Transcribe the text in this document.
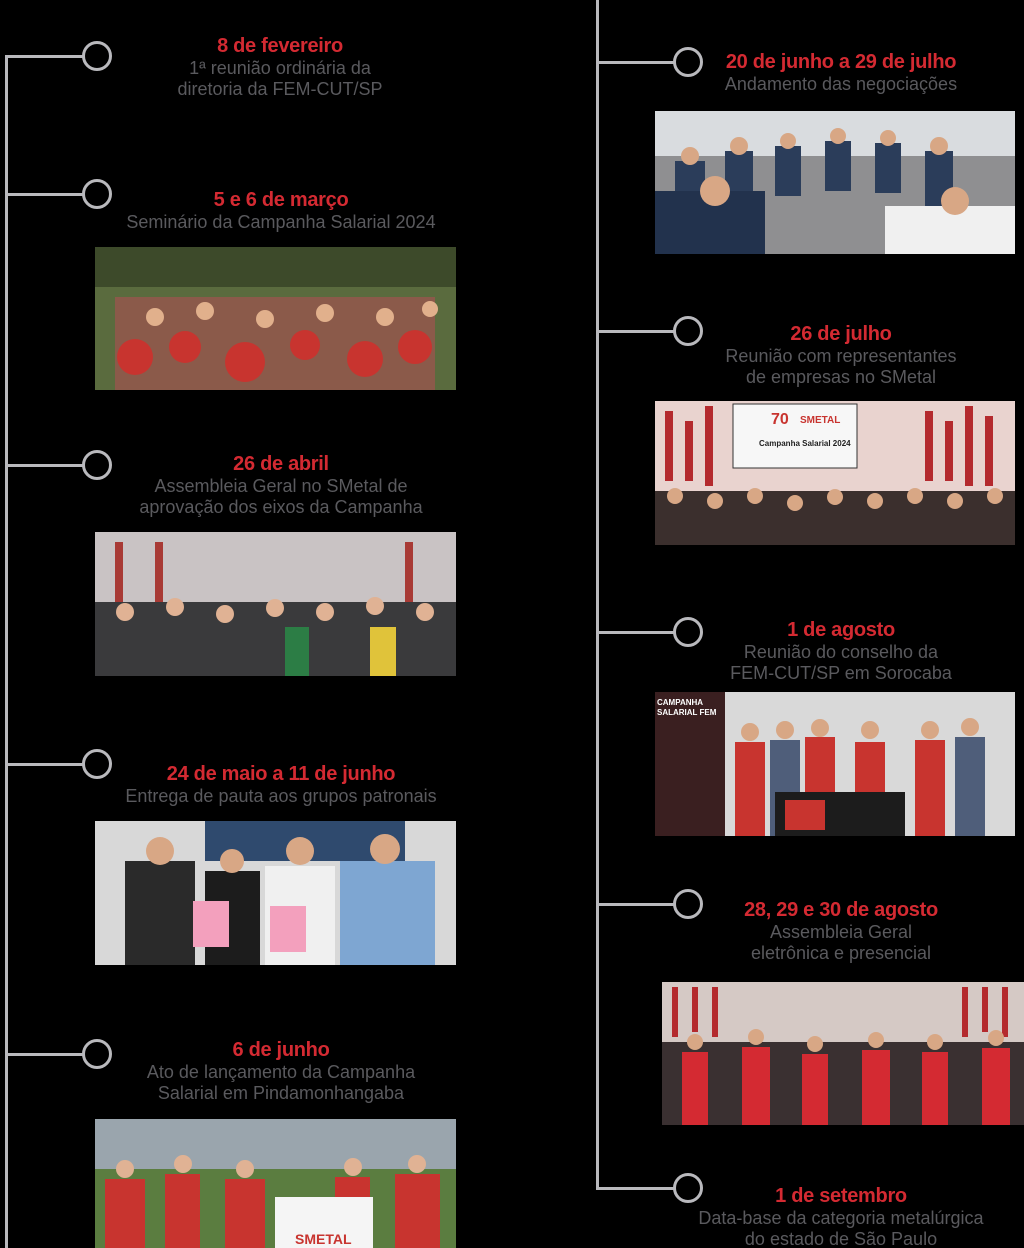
8 de fevereiro
1ª reunião ordinária da
diretoria da FEM-CUT/SP
5 e 6 de março
Seminário da Campanha Salarial 2024
26 de abril
Assembleia Geral no SMetal de
aprovação dos eixos da Campanha
24 de maio a 11 de junho
Entrega de pauta aos grupos patronais
6 de junho
Ato de lançamento da Campanha
Salarial em Pindamonhangaba
20 de junho a 29 de julho
Andamento das negociações
26 de julho
Reunião com representantes
de empresas no SMetal
1 de agosto
Reunião do conselho da
FEM-CUT/SP em Sorocaba
28, 29 e 30 de agosto
Assembleia Geral
eletrônica e presencial
1 de setembro
Data-base da categoria metalúrgica
do estado de São Paulo
SMETAL
70 SMETAL
Campanha Salarial 2024
CAMPANHA SALARIAL FEM
